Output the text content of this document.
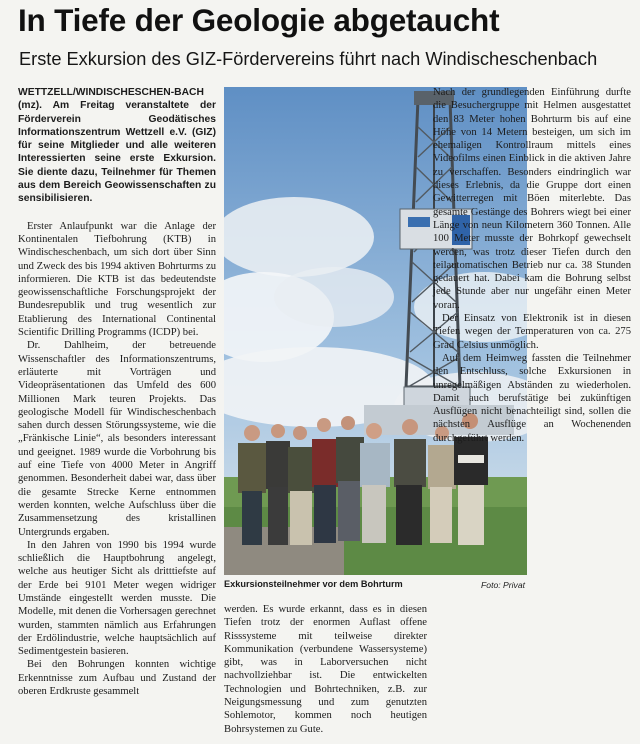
In Tiefe der Geologie abgetaucht
Erste Exkursion des GIZ-Fördervereins führt nach Windischeschenbach

WETTZELL/WINDISCHESCHEN-BACH (mz). Am Freitag veranstaltete der Förderverein Geodätisches Informationszentrum Wettzell e.V. (GIZ) für seine Mitglieder und alle weiteren Interessierten seine erste Exkursion. Sie diente dazu, Teilnehmer für Themen aus dem Bereich Geowissenschaften zu sensibilisieren.

Erster Anlaufpunkt war die Anlage der Kontinentalen Tiefbohrung (KTB) in Windischeschenbach, um sich dort über Sinn und Zweck des bis 1994 aktiven Bohrturms zu informieren. Die KTB ist das bedeutendste geowissenschaftliche Forschungsprojekt der Bundesrepublik und trug wesentlich zur Etablierung des International Continental Scientific Drilling Programms (ICDP) bei.

Dr. Dahlheim, der betreuende Wissenschaftler des Informationszentrums, erläuterte mit Vorträgen und Videopräsentationen das Umfeld des 600 Millionen Mark teuren Projekts. Das geologische Modell für Windischeschenbach sahen durch dessen Störungssysteme, wie die „Fränkische Linie“, als besonders interessant und geeignet. 1989 wurde die Vorbohrung bis auf eine Tiefe von 4000 Meter in Angriff genommen. Besonderheit dabei war, dass über die gesamte Strecke Kerne entnommen werden konnten, welche Aufschluss über die Zusammensetzung des kristallinen Untergrunds ergaben.

In den Jahren von 1990 bis 1994 wurde schließlich die Hauptbohrung angelegt, welche aus heutiger Sicht als dritttiefste auf der Erde bei 9101 Meter wegen widriger Umstände eingestellt werden musste. Die Modelle, mit denen die Vorhersagen gerechnet wurden, stammten nämlich aus Erfahrungen der Erdölindustrie, welche hauptsächlich auf Sedimentgestein basieren.

Bei den Bohrungen konnten wichtige Erkenntnisse zum Aufbau und Zustand der oberen Erdkruste gesammelt

Exkursionsteilnehmer vor dem Bohrturm	Foto: Privat

werden. Es wurde erkannt, dass es in diesen Tiefen trotz der enormen Auflast offene Risssysteme mit teilweise direkter Kommunikation (verbundene Wassersysteme) gibt, was in Laborversuchen nicht nachvollziehbar ist. Die entwickelten Technologien und Bohrtechniken, z.B. zur Neigungsmessung und zum genutzten Sohlemotor, kommen noch heutigen Bohrsystemen zu Gute.

Nach der grundlegenden Einführung durfte die Besuchergruppe mit Helmen ausgestattet den 83 Meter hohen Bohrturm bis auf eine Höhe von 14 Metern besteigen, um sich im ehemaligen Kontrollraum mittels eines Videofilms einen Einblick in die aktiven Jahre zu verschaffen. Besonders eindringlich war dieses Erlebnis, da die Gruppe dort einen Gewitterregen mit Böen miterlebte. Das gesamte Gestänge des Bohrers wiegt bei einer Länge von neun Kilometern 360 Tonnen. Alle 100 Meter musste der Bohrkopf gewechselt werden, was trotz dieser Tiefen durch den teilautomatischen Betrieb nur ca. 38 Stunden gedauert hat. Dabei kam die Bohrung selbst jede Stunde aber nur ungefähr einen Meter voran.

Der Einsatz von Elektronik ist in diesen Tiefen wegen der Temperaturen von ca. 275 Grad Celsius unmöglich.

Auf dem Heimweg fassten die Teilnehmer den Entschluss, solche Exkursionen in unregelmäßigen Abständen zu wiederholen. Damit auch berufstätige bei zukünftigen Ausflügen nicht benachteiligt sind, sollen die nächsten Ausflüge an Wochenenden durchgeführt werden.
